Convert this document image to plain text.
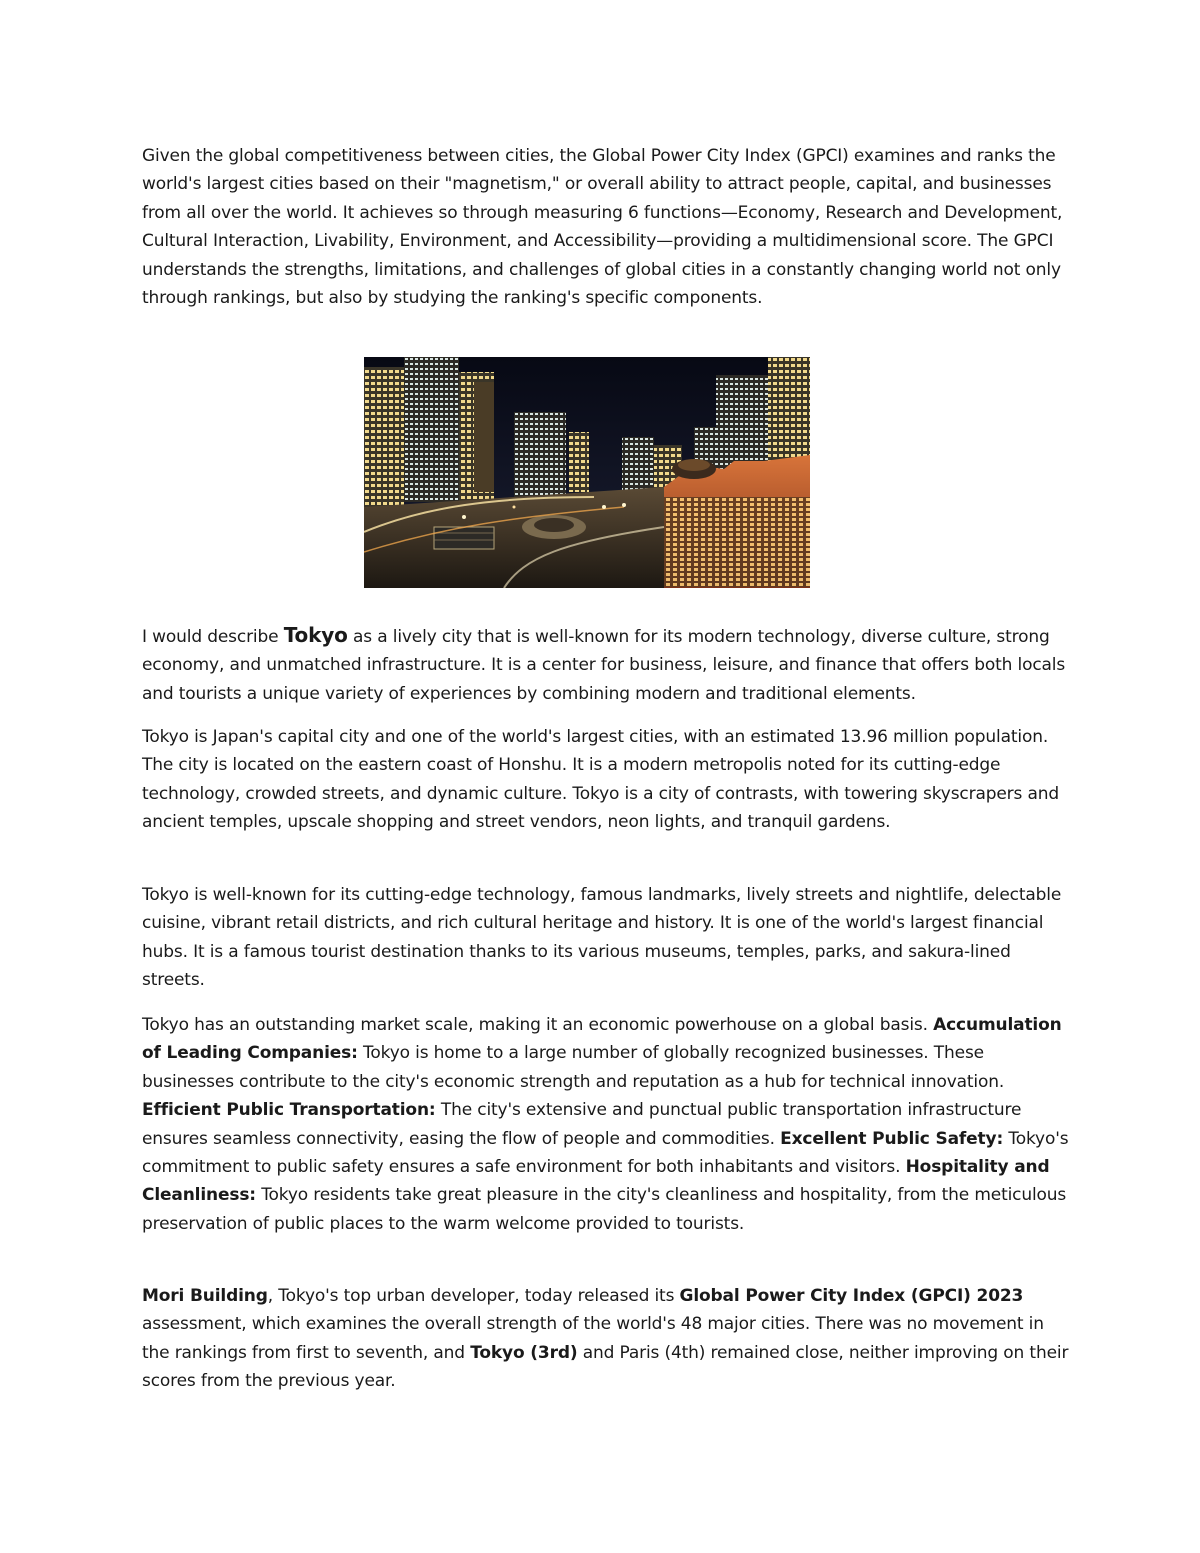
Given the global competitiveness between cities, the Global Power City Index (GPCI) examines and ranks the world's largest cities based on their "magnetism," or overall ability to attract people, capital, and businesses from all over the world. It achieves so through measuring 6 functions—Economy, Research and Development, Cultural Interaction, Livability, Environment, and Accessibility—providing a multidimensional score. The GPCI understands the strengths, limitations, and challenges of global cities in a constantly changing world not only through rankings, but also by studying the ranking's specific components.

I would describe Tokyo as a lively city that is well-known for its modern technology, diverse culture, strong economy, and unmatched infrastructure. It is a center for business, leisure, and finance that offers both locals and tourists a unique variety of experiences by combining modern and traditional elements.

Tokyo is Japan's capital city and one of the world's largest cities, with an estimated 13.96 million population. The city is located on the eastern coast of Honshu. It is a modern metropolis noted for its cutting-edge technology, crowded streets, and dynamic culture. Tokyo is a city of contrasts, with towering skyscrapers and ancient temples, upscale shopping and street vendors, neon lights, and tranquil gardens.

Tokyo is well-known for its cutting-edge technology, famous landmarks, lively streets and nightlife, delectable cuisine, vibrant retail districts, and rich cultural heritage and history. It is one of the world's largest financial hubs. It is a famous tourist destination thanks to its various museums, temples, parks, and sakura-lined streets.

Tokyo has an outstanding market scale, making it an economic powerhouse on a global basis. Accumulation of Leading Companies: Tokyo is home to a large number of globally recognized businesses. These businesses contribute to the city's economic strength and reputation as a hub for technical innovation. Efficient Public Transportation: The city's extensive and punctual public transportation infrastructure ensures seamless connectivity, easing the flow of people and commodities. Excellent Public Safety: Tokyo's commitment to public safety ensures a safe environment for both inhabitants and visitors. Hospitality and Cleanliness: Tokyo residents take great pleasure in the city's cleanliness and hospitality, from the meticulous preservation of public places to the warm welcome provided to tourists.

Mori Building, Tokyo's top urban developer, today released its Global Power City Index (GPCI) 2023 assessment, which examines the overall strength of the world's 48 major cities. There was no movement in the rankings from first to seventh, and Tokyo (3rd) and Paris (4th) remained close, neither improving on their scores from the previous year.
